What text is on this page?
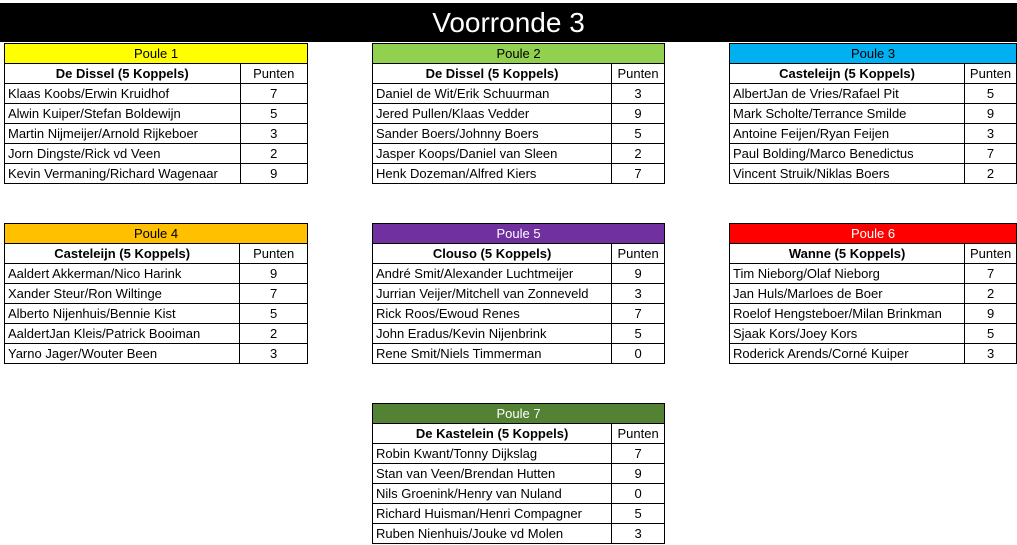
Voorronde 3
Poule 1	
De Dissel (5 Koppels)	Punten
Klaas Koobs/Erwin Kruidhof	7
Alwin Kuiper/Stefan Boldewijn	5
Martin Nijmeijer/Arnold Rijkeboer	3
Jorn Dingste/Rick vd Veen	2
Kevin Vermaning/Richard Wagenaar	9
Poule 2	
De Dissel (5 Koppels)	Punten
Daniel de Wit/Erik Schuurman	3
Jered Pullen/Klaas Vedder	9
Sander Boers/Johnny Boers	5
Jasper Koops/Daniel van Sleen	2
Henk Dozeman/Alfred Kiers	7
Poule 3	
Casteleijn (5 Koppels)	Punten
AlbertJan de Vries/Rafael Pit	5
Mark Scholte/Terrance Smilde	9
Antoine Feijen/Ryan Feijen	3
Paul Bolding/Marco Benedictus	7
Vincent Struik/Niklas Boers	2
Poule 4	
Casteleijn (5 Koppels)	Punten
Aaldert Akkerman/Nico Harink	9
Xander Steur/Ron Wiltinge	7
Alberto Nijenhuis/Bennie Kist	5
AaldertJan Kleis/Patrick Booiman	2
Yarno Jager/Wouter Been	3
Poule 5	
Clouso (5 Koppels)	Punten
André Smit/Alexander Luchtmeijer	9
Jurrian Veijer/Mitchell van Zonneveld	3
Rick Roos/Ewoud Renes	7
John Eradus/Kevin Nijenbrink	5
Rene Smit/Niels Timmerman	0
Poule 6	
Wanne (5 Koppels)	Punten
Tim Nieborg/Olaf Nieborg	7
Jan Huls/Marloes de Boer	2
Roelof Hengsteboer/Milan Brinkman	9
Sjaak Kors/Joey Kors	5
Roderick Arends/Corné Kuiper	3
Poule 7	
De Kastelein (5 Koppels)	Punten
Robin Kwant/Tonny Dijkslag	7
Stan van Veen/Brendan Hutten	9
Nils Groenink/Henry van Nuland	0
Richard Huisman/Henri Compagner	5
Ruben Nienhuis/Jouke vd Molen	3
